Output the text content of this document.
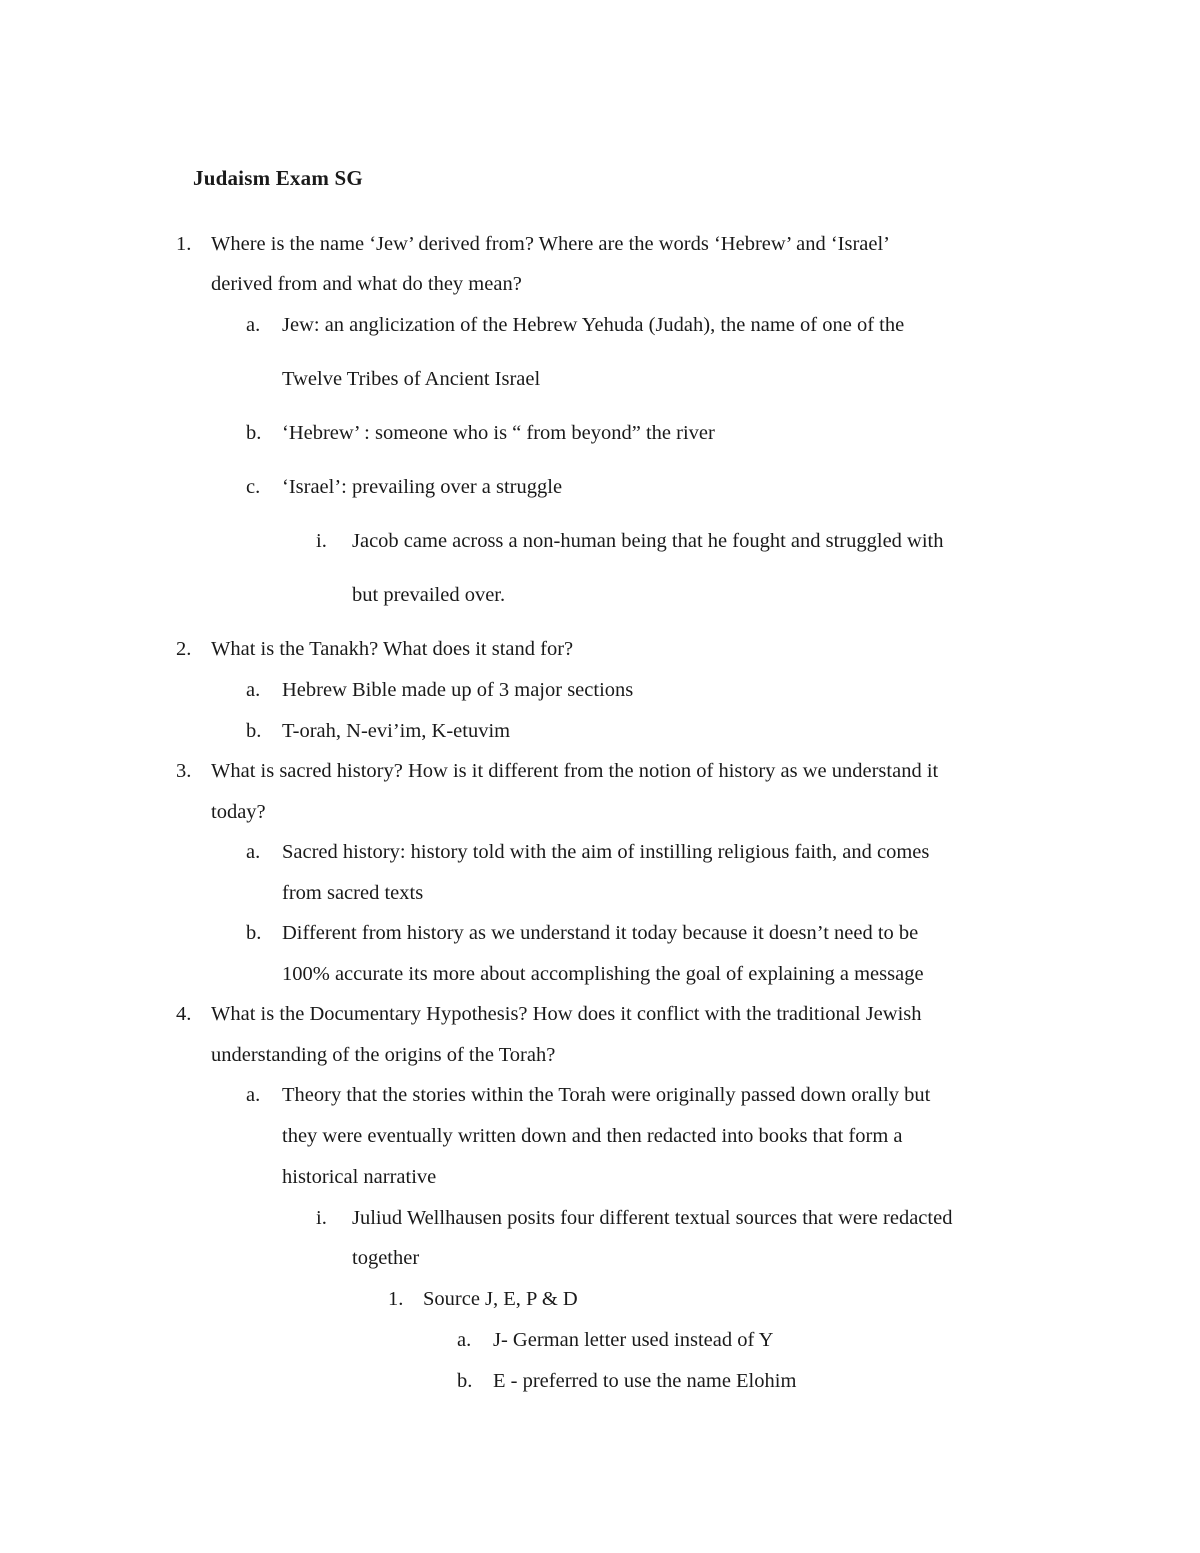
Judaism Exam SG
1. Where is the name ‘Jew’ derived from? Where are the words ‘Hebrew’ and ‘Israel’
derived from and what do they mean?
a. Jew: an anglicization of the Hebrew Yehuda (Judah), the name of one of the
Twelve Tribes of Ancient Israel
b. ‘Hebrew’ : someone who is “ from beyond” the river
c. ‘Israel’: prevailing over a struggle
i. Jacob came across a non-human being that he fought and struggled with
but prevailed over.
2. What is the Tanakh? What does it stand for?
a. Hebrew Bible made up of 3 major sections
b. T-orah, N-evi’im, K-etuvim
3. What is sacred history? How is it different from the notion of history as we understand it
today?
a. Sacred history: history told with the aim of instilling religious faith, and comes
from sacred texts
b. Different from history as we understand it today because it doesn’t need to be
100% accurate its more about accomplishing the goal of explaining a message
4. What is the Documentary Hypothesis? How does it conflict with the traditional Jewish
understanding of the origins of the Torah?
a. Theory that the stories within the Torah were originally passed down orally but
they were eventually written down and then redacted into books that form a
historical narrative
i. Juliud Wellhausen posits four different textual sources that were redacted
together
1. Source J, E, P & D
a. J- German letter used instead of Y
b. E - preferred to use the name Elohim
